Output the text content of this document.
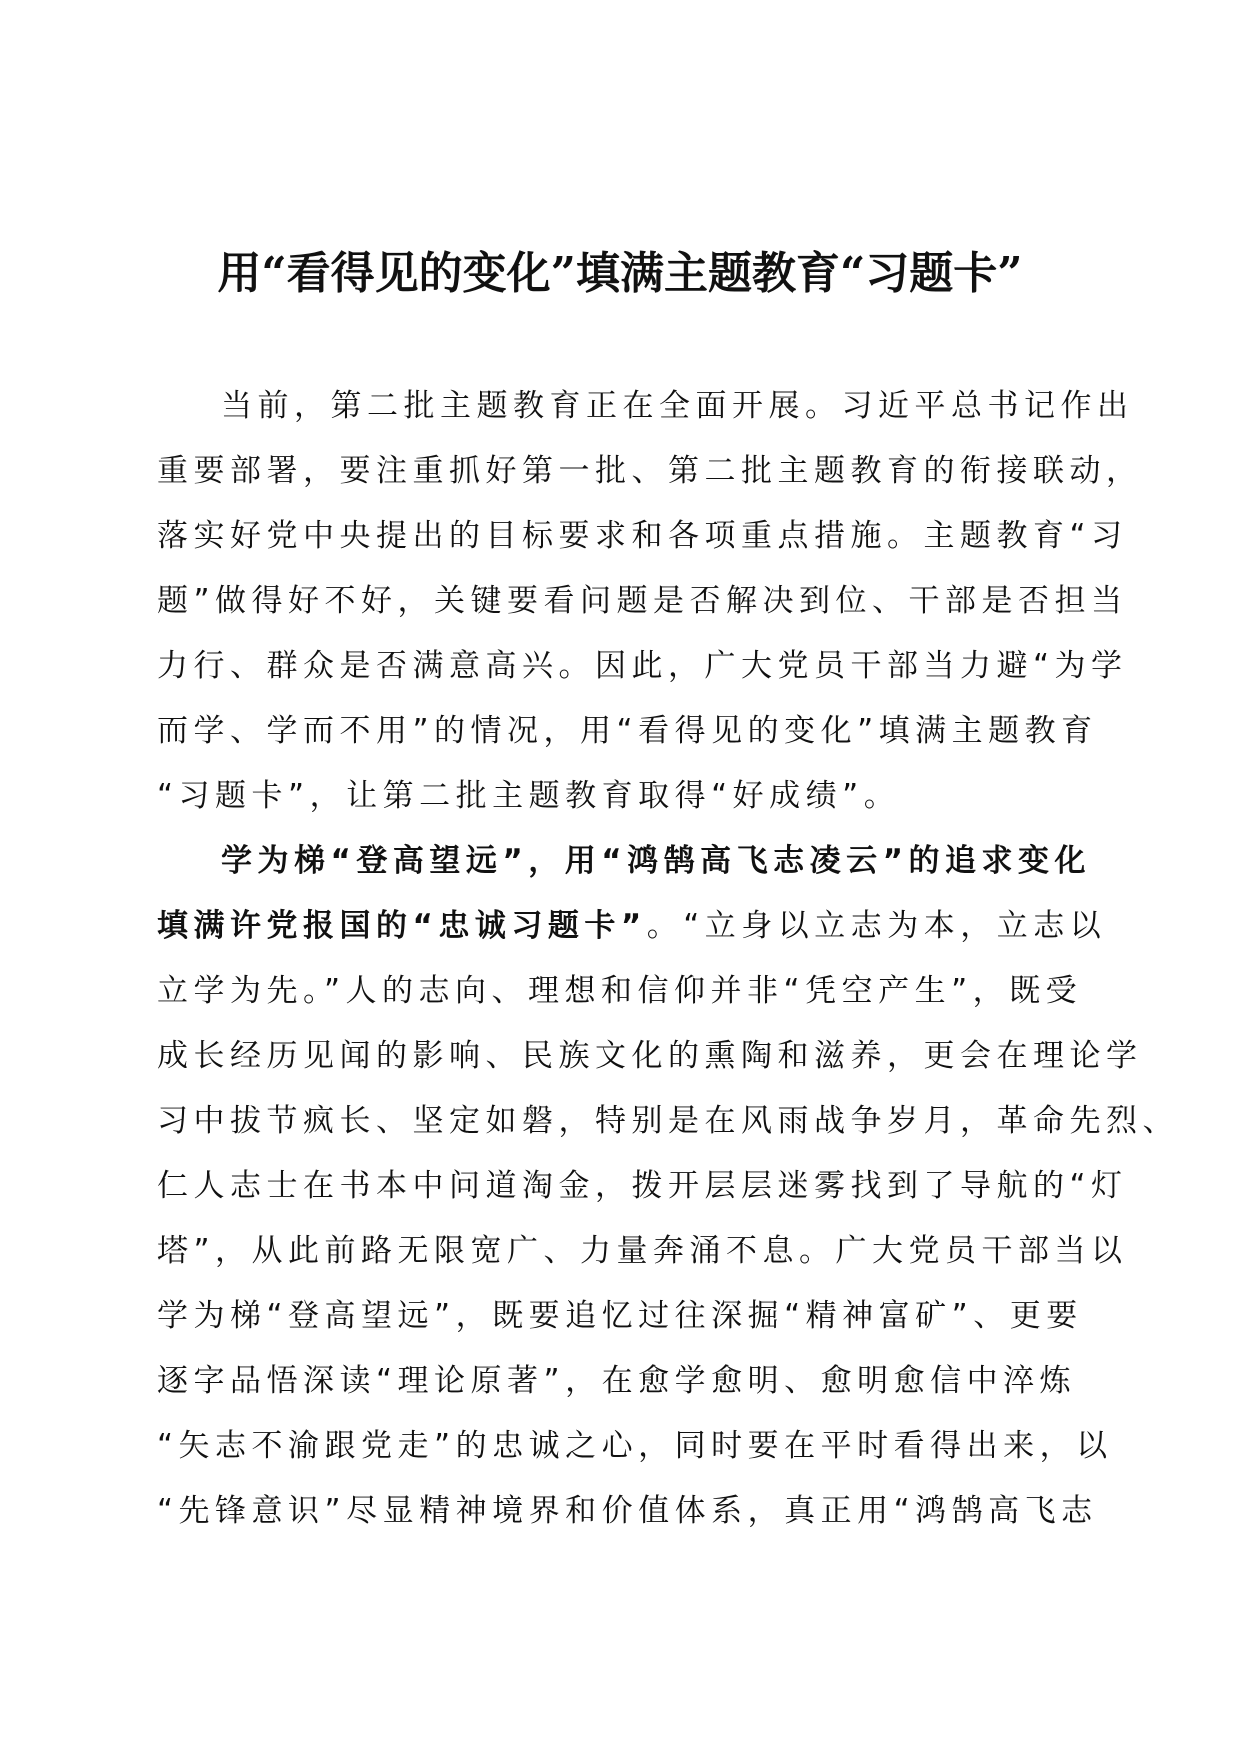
用“看得见的变化”填满主题教育“习题卡”
当前，第二批主题教育正在全面开展。习近平总书记作出
重要部署，要注重抓好第一批、第二批主题教育的衔接联动，
落实好党中央提出的目标要求和各项重点措施。主题教育“习
题”做得好不好，关键要看问题是否解决到位、干部是否担当
力行、群众是否满意高兴。因此，广大党员干部当力避“为学
而学、学而不用”的情况，用“看得见的变化”填满主题教育
“习题卡”，让第二批主题教育取得“好成绩”。
学为梯“登高望远”，用“鸿鹄高飞志凌云”的追求变化
填满许党报国的“忠诚习题卡”。“立身以立志为本，立志以
立学为先。”人的志向、理想和信仰并非“凭空产生”，既受
成长经历见闻的影响、民族文化的熏陶和滋养，更会在理论学
习中拔节疯长、坚定如磐，特别是在风雨战争岁月，革命先烈、
仁人志士在书本中问道淘金，拨开层层迷雾找到了导航的“灯
塔”，从此前路无限宽广、力量奔涌不息。广大党员干部当以
学为梯“登高望远”，既要追忆过往深掘“精神富矿”、更要
逐字品悟深读“理论原著”，在愈学愈明、愈明愈信中淬炼
“矢志不渝跟党走”的忠诚之心，同时要在平时看得出来，以
“先锋意识”尽显精神境界和价值体系，真正用“鸿鹄高飞志
